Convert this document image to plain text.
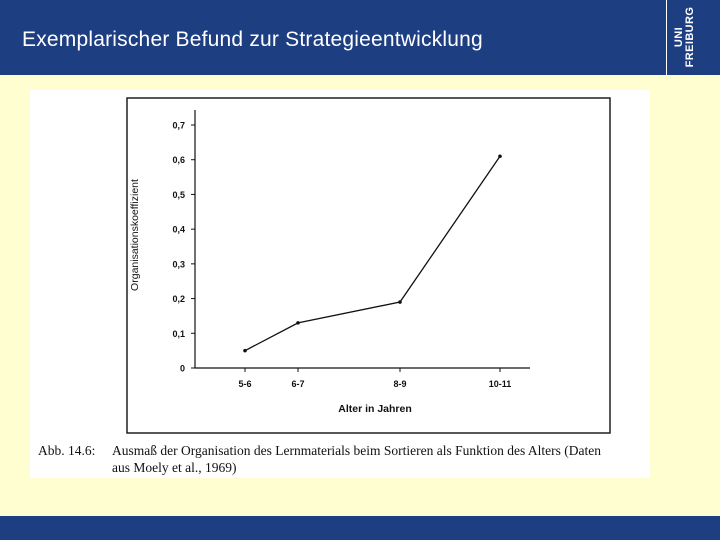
Exemplarischer Befund zur Strategieentwicklung	UNI FREIBURG
0
0,1
0,2
0,3
0,4
0,5
0,6
0,7
5-6	6-7	8-9	10-11
Organisationskoeffizient
Alter in Jahren
Abb. 14.6: Ausmaß der Organisation des Lernmaterials beim Sortieren als Funktion des Alters (Daten
aus Moely et al., 1969)
